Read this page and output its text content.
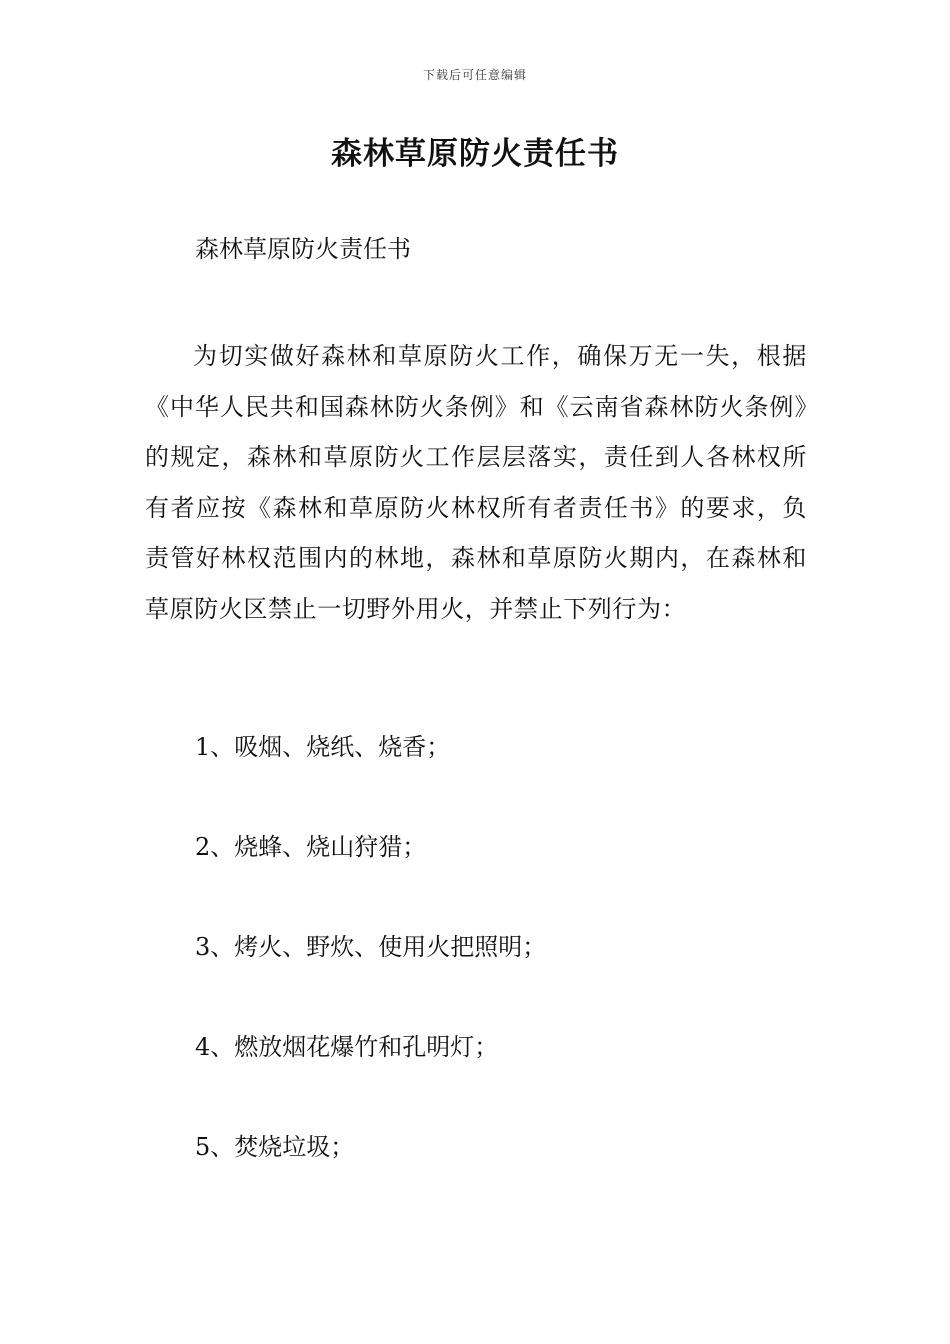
下载后可任意编辑
森林草原防火责任书

森林草原防火责任书

为切实做好森林和草原防火工作，确保万无一失，根据《中华人民共和国森林防火条例》和《云南省森林防火条例》的规定，森林和草原防火工作层层落实，责任到人各林权所有者应按《森林和草原防火林权所有者责任书》的要求，负责管好林权范围内的林地，森林和草原防火期内，在森林和草原防火区禁止一切野外用火，并禁止下列行为：

1、吸烟、烧纸、烧香；

2、烧蜂、烧山狩猎；

3、烤火、野炊、使用火把照明；

4、燃放烟花爆竹和孔明灯；

5、焚烧垃圾；
